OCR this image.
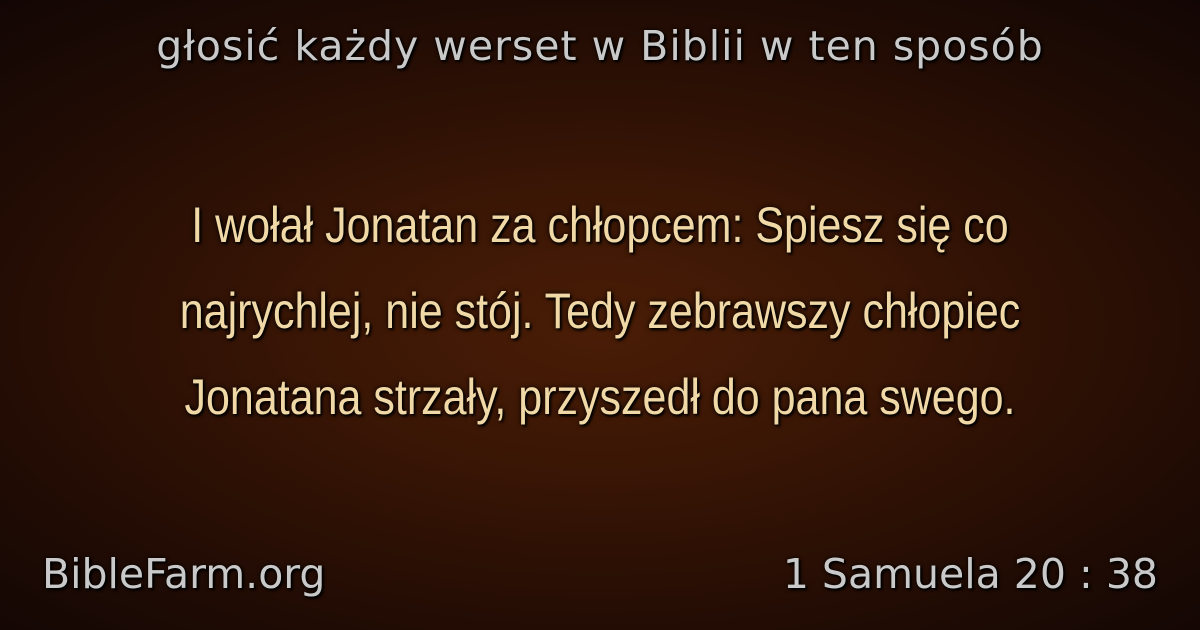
głosić każdy werset w Biblii w ten sposób
I wołał Jonatan za chłopcem: Spiesz się co
najrychlej, nie stój. Tedy zebrawszy chłopiec
Jonatana strzały, przyszedł do pana swego.
BibleFarm.org	1 Samuela 20 : 38
